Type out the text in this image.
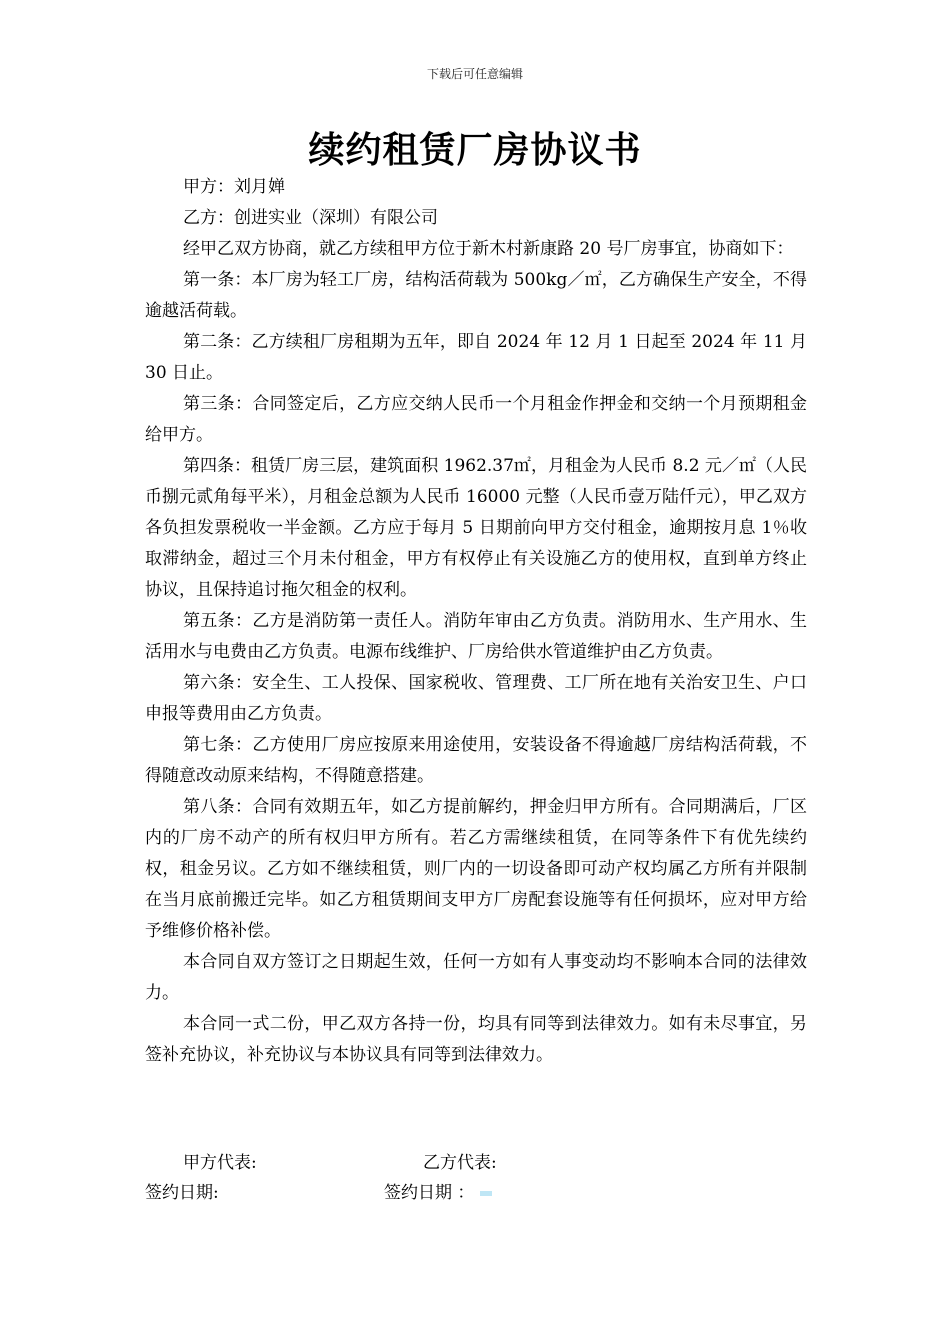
下载后可任意编辑
续约租赁厂房协议书

甲方：刘月婵

乙方：创进实业（深圳）有限公司

经甲乙双方协商，就乙方续租甲方位于新木村新康路 20 号厂房事宜，协商如下：

第一条：本厂房为轻工厂房，结构活荷载为 500kg／㎡，乙方确保生产安全，不得逾越活荷载。

第二条：乙方续租厂房租期为五年，即自 2024 年 12 月 1 日起至 2024 年 11 月 30 日止。

第三条：合同签定后，乙方应交纳人民币一个月租金作押金和交纳一个月预期租金给甲方。

第四条：租赁厂房三层，建筑面积 1962.37㎡，月租金为人民币 8.2 元／㎡（人民币捌元贰角每平米），月租金总额为人民币 16000 元整（人民币壹万陆仟元），甲乙双方各负担发票税收一半金额。乙方应于每月 5 日期前向甲方交付租金，逾期按月息 1％收取滞纳金，超过三个月未付租金，甲方有权停止有关设施乙方的使用权，直到单方终止协议，且保持追讨拖欠租金的权利。

第五条：乙方是消防第一责任人。消防年审由乙方负责。消防用水、生产用水、生活用水与电费由乙方负责。电源布线维护、厂房给供水管道维护由乙方负责。

第六条：安全生、工人投保、国家税收、管理费、工厂所在地有关治安卫生、户口申报等费用由乙方负责。

第七条：乙方使用厂房应按原来用途使用，安装设备不得逾越厂房结构活荷载，不得随意改动原来结构，不得随意搭建。

第八条：合同有效期五年，如乙方提前解约，押金归甲方所有。合同期满后，厂区内的厂房不动产的所有权归甲方所有。若乙方需继续租赁，在同等条件下有优先续约权，租金另议。乙方如不继续租赁，则厂内的一切设备即可动产权均属乙方所有并限制在当月底前搬迁完毕。如乙方租赁期间支甲方厂房配套设施等有任何损坏，应对甲方给予维修价格补偿。

本合同自双方签订之日期起生效，任何一方如有人事变动均不影响本合同的法律效力。

本合同一式二份，甲乙双方各持一份，均具有同等到法律效力。如有未尽事宜，另签补充协议，补充协议与本协议具有同等到法律效力。

甲方代表:	乙方代表:
签约日期:	签约日期 ：
